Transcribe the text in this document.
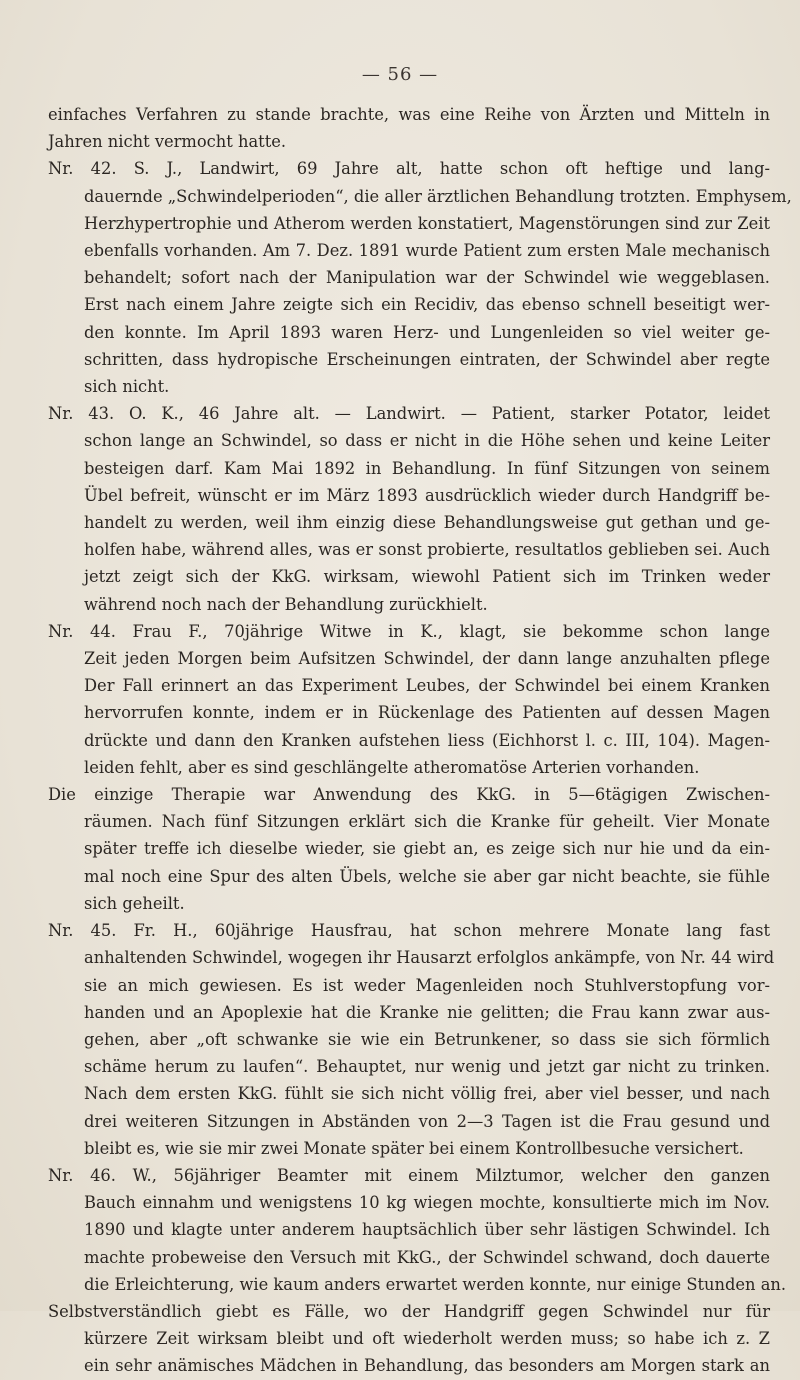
— 56 —

einfaches Verfahren zu stande brachte, was eine Reihe von Ärzten und Mitteln in
Jahren nicht vermocht hatte.

Nr. 42. S. J., Landwirt, 69 Jahre alt, hatte schon oft heftige und lang-
dauernde „Schwindelperioden“, die aller ärztlichen Behandlung trotzten. Emphysem,
Herzhypertrophie und Atherom werden konstatiert, Magenstörungen sind zur Zeit
ebenfalls vorhanden. Am 7. Dez. 1891 wurde Patient zum ersten Male mechanisch
behandelt; sofort nach der Manipulation war der Schwindel wie weggeblasen.
Erst nach einem Jahre zeigte sich ein Recidiv, das ebenso schnell beseitigt wer-
den konnte. Im April 1893 waren Herz- und Lungenleiden so viel weiter ge-
schritten, dass hydropische Erscheinungen eintraten, der Schwindel aber regte
sich nicht.

Nr. 43. O. K., 46 Jahre alt. — Landwirt. — Patient, starker Potator, leidet
schon lange an Schwindel, so dass er nicht in die Höhe sehen und keine Leiter
besteigen darf. Kam Mai 1892 in Behandlung. In fünf Sitzungen von seinem
Übel befreit, wünscht er im März 1893 ausdrücklich wieder durch Handgriff be-
handelt zu werden, weil ihm einzig diese Behandlungsweise gut gethan und ge-
holfen habe, während alles, was er sonst probierte, resultatlos geblieben sei. Auch
jetzt zeigt sich der KkG. wirksam, wiewohl Patient sich im Trinken weder
während noch nach der Behandlung zurückhielt.

Nr. 44. Frau F., 70jährige Witwe in K., klagt, sie bekomme schon lange
Zeit jeden Morgen beim Aufsitzen Schwindel, der dann lange anzuhalten pflege
Der Fall erinnert an das Experiment Leubes, der Schwindel bei einem Kranken
hervorrufen konnte, indem er in Rückenlage des Patienten auf dessen Magen
drückte und dann den Kranken aufstehen liess (Eichhorst l. c. III, 104). Magen-
leiden fehlt, aber es sind geschlängelte atheromatöse Arterien vorhanden.

Die einzige Therapie war Anwendung des KkG. in 5—6tägigen Zwischen-
räumen. Nach fünf Sitzungen erklärt sich die Kranke für geheilt. Vier Monate
später treffe ich dieselbe wieder, sie giebt an, es zeige sich nur hie und da ein-
mal noch eine Spur des alten Übels, welche sie aber gar nicht beachte, sie fühle
sich geheilt.

Nr. 45. Fr. H., 60jährige Hausfrau, hat schon mehrere Monate lang fast
anhaltenden Schwindel, wogegen ihr Hausarzt erfolglos ankämpfe, von Nr. 44 wird
sie an mich gewiesen. Es ist weder Magenleiden noch Stuhlverstopfung vor-
handen und an Apoplexie hat die Kranke nie gelitten; die Frau kann zwar aus-
gehen, aber „oft schwanke sie wie ein Betrunkener, so dass sie sich förmlich
schäme herum zu laufen“. Behauptet, nur wenig und jetzt gar nicht zu trinken.
Nach dem ersten KkG. fühlt sie sich nicht völlig frei, aber viel besser, und nach
drei weiteren Sitzungen in Abständen von 2—3 Tagen ist die Frau gesund und
bleibt es, wie sie mir zwei Monate später bei einem Kontrollbesuche versichert.

Nr. 46. W., 56jähriger Beamter mit einem Milztumor, welcher den ganzen
Bauch einnahm und wenigstens 10 kg wiegen mochte, konsultierte mich im Nov.
1890 und klagte unter anderem hauptsächlich über sehr lästigen Schwindel. Ich
machte probeweise den Versuch mit KkG., der Schwindel schwand, doch dauerte
die Erleichterung, wie kaum anders erwartet werden konnte, nur einige Stunden an.

Selbstverständlich giebt es Fälle, wo der Handgriff gegen Schwindel nur für
kürzere Zeit wirksam bleibt und oft wiederholt werden muss; so habe ich z. Z
ein sehr anämisches Mädchen in Behandlung, das besonders am Morgen stark an
